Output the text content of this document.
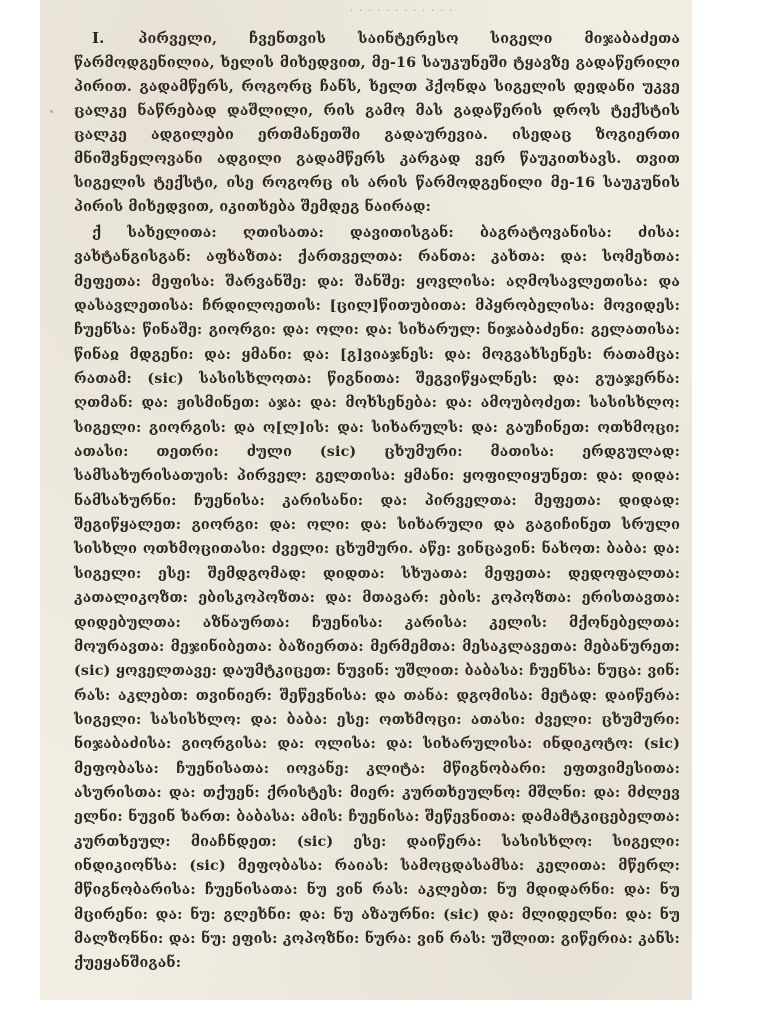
· · · · · · · · · · · ·

I. პირველი, ჩვენთვის საინტერესო სიგელი მიჯაბაძეთა წარმოდგენილია, ხელის მიხედვით, მე-16 საუკუნეში ტყავზე გადაწერილი პირით. გადამწერს, როგორც ჩანს, ხელთ ჰქონდა სიგელის დედანი უკვე ცალკე ნაწრებად დაშლილი, რის გამო მას გადაწერის დროს ტექსტის ცალკე ადგილები ერთმანეთში გადაურევია. ისედაც ზოგიერთი მნიშვნელოვანი ადგილი გადამწერს კარგად ვერ წაუკითხავს. თვით სიგელის ტექსტი, ისე როგორც ის არის წარმოდგენილი მე-16 საუკუნის პირის მიხედვით, იკითხება შემდეგ ნაირად:

ქ სახელითა: ღთისათა: დავითისგან: ბაგრატოვანისა: ძისა: ვახტანგისგან: აფხაზთა: ქართველთა: რანთა: კახთა: და: სომეხთა: მეფეთა: მეფისა: შარვანშე: და: შანშე: ყოვლისა: აღმოსავლეთისა: და დასავლეთისა: ჩრდილოეთის: [ცილ]წითუბითა: მპყრობელისა: მოვიდეს: ჩუენსა: წინაშე: გიორგი: და: ოლი: და: სიხარულ: ნიჯაბაძენი: გელათისა: წინაჲ მდგენი: და: ყმანი: და: [გ]ვიაჯნეს: და: მოგვახსენეს: რათამცა: რათამ: (sic) სასისხლოთა: წიგნითა: შეგვიწყალნეს: და: გუაჯერნა: ღთმან: და: ჟისმინეთ: აჯა: და: მოხსენება: და: ამოუბოძეთ: სასისხლო: სიგელი: გიორგის: და ო[ლ]ის: და: სიხარულს: და: გაუჩინეთ: ოთხმოცი: ათასი: თეთრი: ძული (sic) ცხუმური: მათისა: ერდგულად: სამსახურისათუის: პირველ: გელთისა: ყმანი: ყოფილიყუნეთ: და: დიდა: ნამსახურნი: ჩუენისა: კარისანი: და: პირველთა: მეფეთა: დიდად: შეგიწყალეთ: გიორგი: და: ოლი: და: სიხარული და გაგიჩინეთ სრული სისხლი ოთხმოცითასი: ძველი: ცხუმური. აწე: ვინცავინ: ნახოთ: ბაბა: და: სიგელი: ესე: შემდგომად: დიდთა: სხუათა: მეფეთა: დედოფალთა: კათალიკოზთ: ებისკოპოზთა: და: მთავარ: ების: კოპოზთა: ერისთავთა: დიდებულთა: აზნაურთა: ჩუენისა: კარისა: კელის: მქონებელთა: მოურავთა: მეჯინიბეთა: ბაზიერთა: მერმემთა: მესაკლავეთა: მებანურეთ: (sic) ყოველთავე: დაუმტკიცეთ: ნუვინ: უშლით: ბაბასა: ჩუენსა: ნუცა: ვინ: რას: აკლებთ: თვინიერ: შეწევნისა: და თანა: დგომისა: მეტად: დაიწერა: სიგელი: სასისხლო: და: ბაბა: ესე: ოთხმოცი: ათასი: ძველი: ცხუმური: ნიჯაბაძისა: გიორგისა: და: ოლისა: და: სიხარულისა: ინდიკოტო: (sic) მეფობასა: ჩუენისათა: იოვანე: კლიტა: მწიგნობარი: ეფთვიმესითა: ასურისთა: და: თქუენ: ქრისტეს: მიერ: კურთხეულნო: მშლნი: და: მძლევ ელნი: ნუვინ ხართ: ბაბასა: ამის: ჩუენისა: შეწევნითა: დამამტკიცებელთა: კურთხეულ: მიაჩნდეთ: (sic) ესე: დაიწერა: სასისხლო: სიგელი: ინდიკიონსა: (sic) მეფობასა: რაიას: სამოცდასამსა: კელითა: მწერლ: მწიგნობარისა: ჩუენისათა: ნუ ვინ რას: აკლებთ: ნუ მდიდარნი: და: ნუ მცირენი: და: ნუ: გლეხნი: და: ნუ აზაურნი: (sic) და: მლიდელნი: და: ნუ მალზონნი: და: ნუ: ეფის: კოპოზნი: ნურა: ვინ რას: უშლით: გიწერია: კანს: ქუეყანშიგან:
